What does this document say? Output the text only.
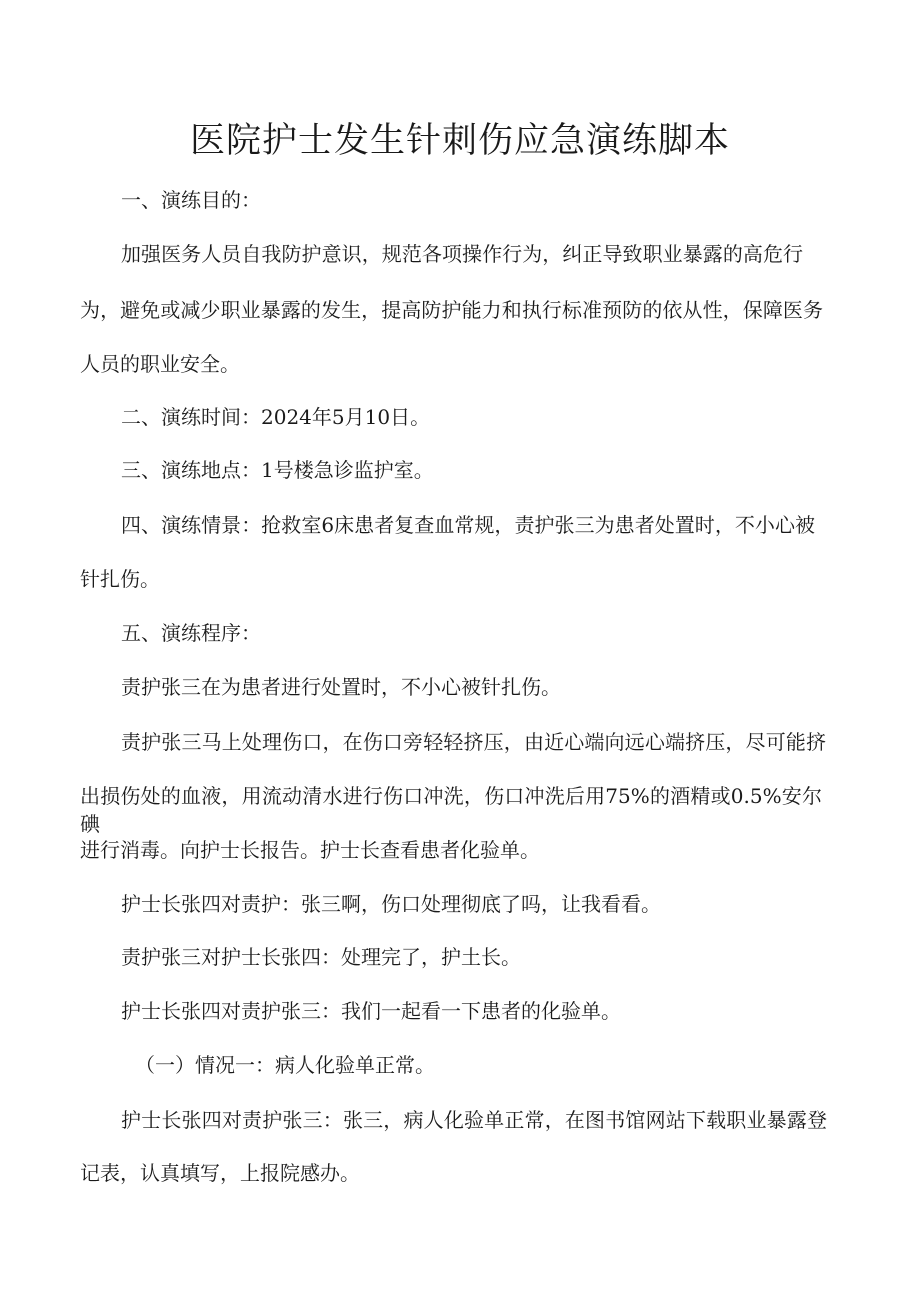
医院护士发生针刺伤应急演练脚本
一、演练目的：
加强医务人员自我防护意识，规范各项操作行为，纠正导致职业暴露的高危行
为，避免或减少职业暴露的发生，提高防护能力和执行标准预防的依从性，保障医务
人员的职业安全。
二、演练时间：2024年5月10日。
三、演练地点：1号楼急诊监护室。
四、演练情景：抢救室6床患者复查血常规，责护张三为患者处置时，不小心被
针扎伤。
五、演练程序：
责护张三在为患者进行处置时，不小心被针扎伤。
责护张三马上处理伤口，在伤口旁轻轻挤压，由近心端向远心端挤压，尽可能挤
出损伤处的血液，用流动清水进行伤口冲洗，伤口冲洗后用75%的酒精或0.5%安尔碘
进行消毒。向护士长报告。护士长查看患者化验单。
护士长张四对责护：张三啊，伤口处理彻底了吗，让我看看。
责护张三对护士长张四：处理完了，护土长。
护士长张四对责护张三：我们一起看一下患者的化验单。
（一）情况一：病人化验单正常。
护士长张四对责护张三：张三，病人化验单正常，在图书馆网站下载职业暴露登
记表，认真填写，上报院感办。
